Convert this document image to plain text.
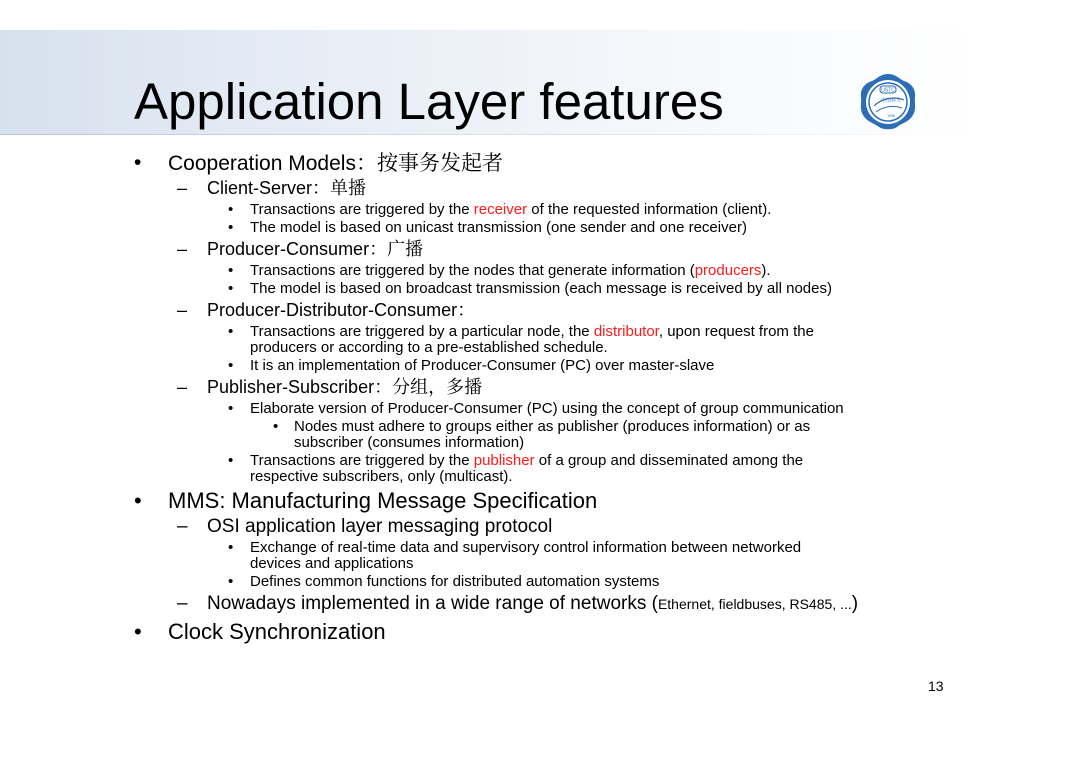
Application Layer features	USTC
中国科大
1958
• Cooperation Models：按事务发起者
– Client-Server：单播
• Transactions are triggered by the receiver of the requested information (client).
• The model is based on unicast transmission (one sender and one receiver)
– Producer-Consumer：广播
• Transactions are triggered by the nodes that generate information (producers).
• The model is based on broadcast transmission (each message is received by all nodes)
– Producer-Distributor-Consumer：
• Transactions are triggered by a particular node, the distributor, upon request from the
producers or according to a pre-established schedule.
• It is an implementation of Producer-Consumer (PC) over master-slave
– Publisher-Subscriber：分组，多播
• Elaborate version of Producer-Consumer (PC) using the concept of group communication
• Nodes must adhere to groups either as publisher (produces information) or as
subscriber (consumes information)
• Transactions are triggered by the publisher of a group and disseminated among the
respective subscribers, only (multicast).
• MMS: Manufacturing Message Specification
– OSI application layer messaging protocol
• Exchange of real-time data and supervisory control information between networked
devices and applications
• Defines common functions for distributed automation systems
– Nowadays implemented in a wide range of networks (Ethernet, fieldbuses, RS485, ...)
• Clock Synchronization
13
